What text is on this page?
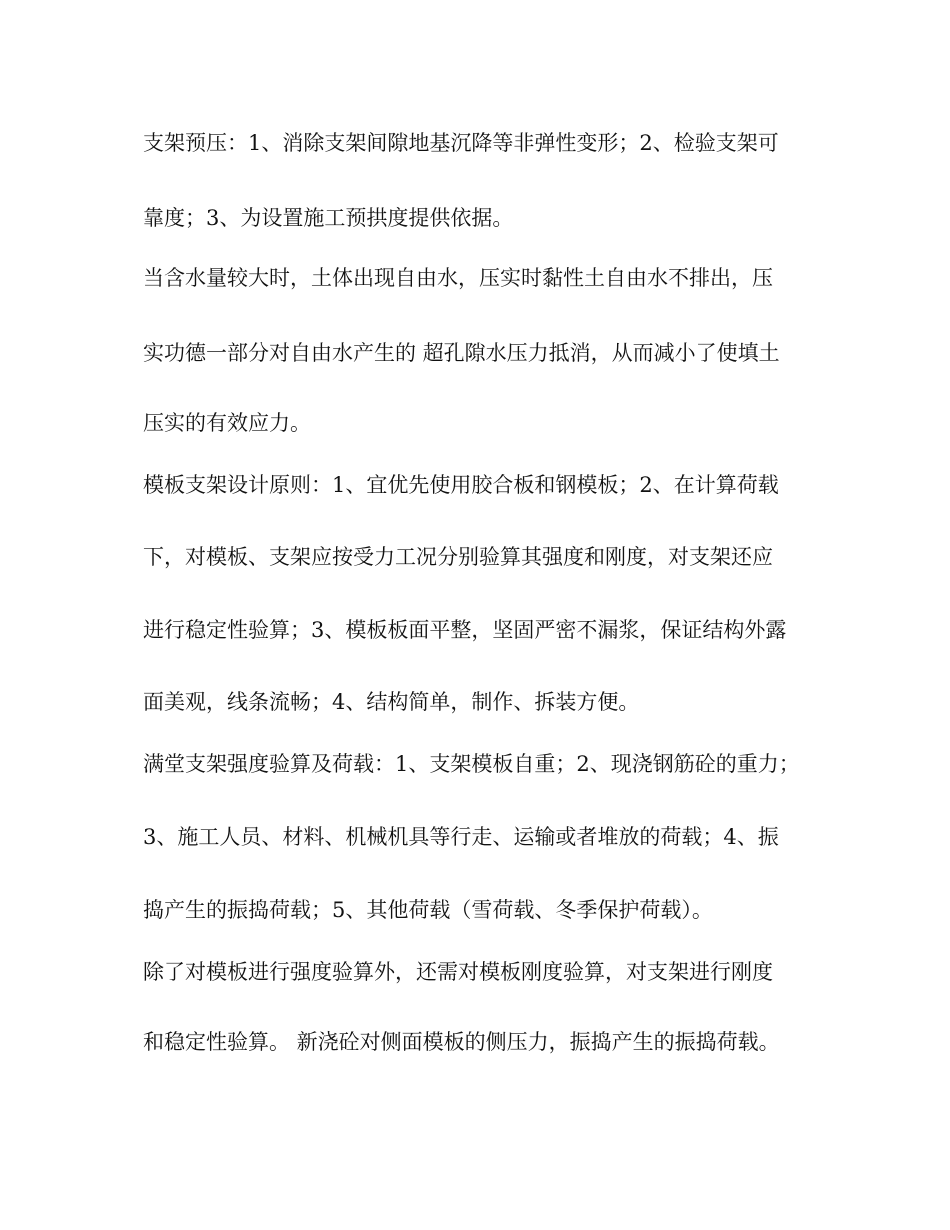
支架预压：1、消除支架间隙地基沉降等非弹性变形；2、检验支架可

靠度；3、为设置施工预拱度提供依据。

当含水量较大时，土体出现自由水，压实时黏性土自由水不排出，压

实功德一部分对自由水产生的 超孔隙水压力抵消，从而减小了使填土

压实的有效应力。

模板支架设计原则：1、宜优先使用胶合板和钢模板；2、在计算荷载

下，对模板、支架应按受力工况分别验算其强度和刚度，对支架还应

进行稳定性验算；3、模板板面平整，坚固严密不漏浆，保证结构外露

面美观，线条流畅；4、结构简单，制作、拆装方便。

满堂支架强度验算及荷载：1、支架模板自重；2、现浇钢筋砼的重力；

3、施工人员、材料、机械机具等行走、运输或者堆放的荷载；4、振

捣产生的振捣荷载；5、其他荷载（雪荷载、冬季保护荷载）。

除了对模板进行强度验算外，还需对模板刚度验算，对支架进行刚度

和稳定性验算。 新浇砼对侧面模板的侧压力，振捣产生的振捣荷载。
